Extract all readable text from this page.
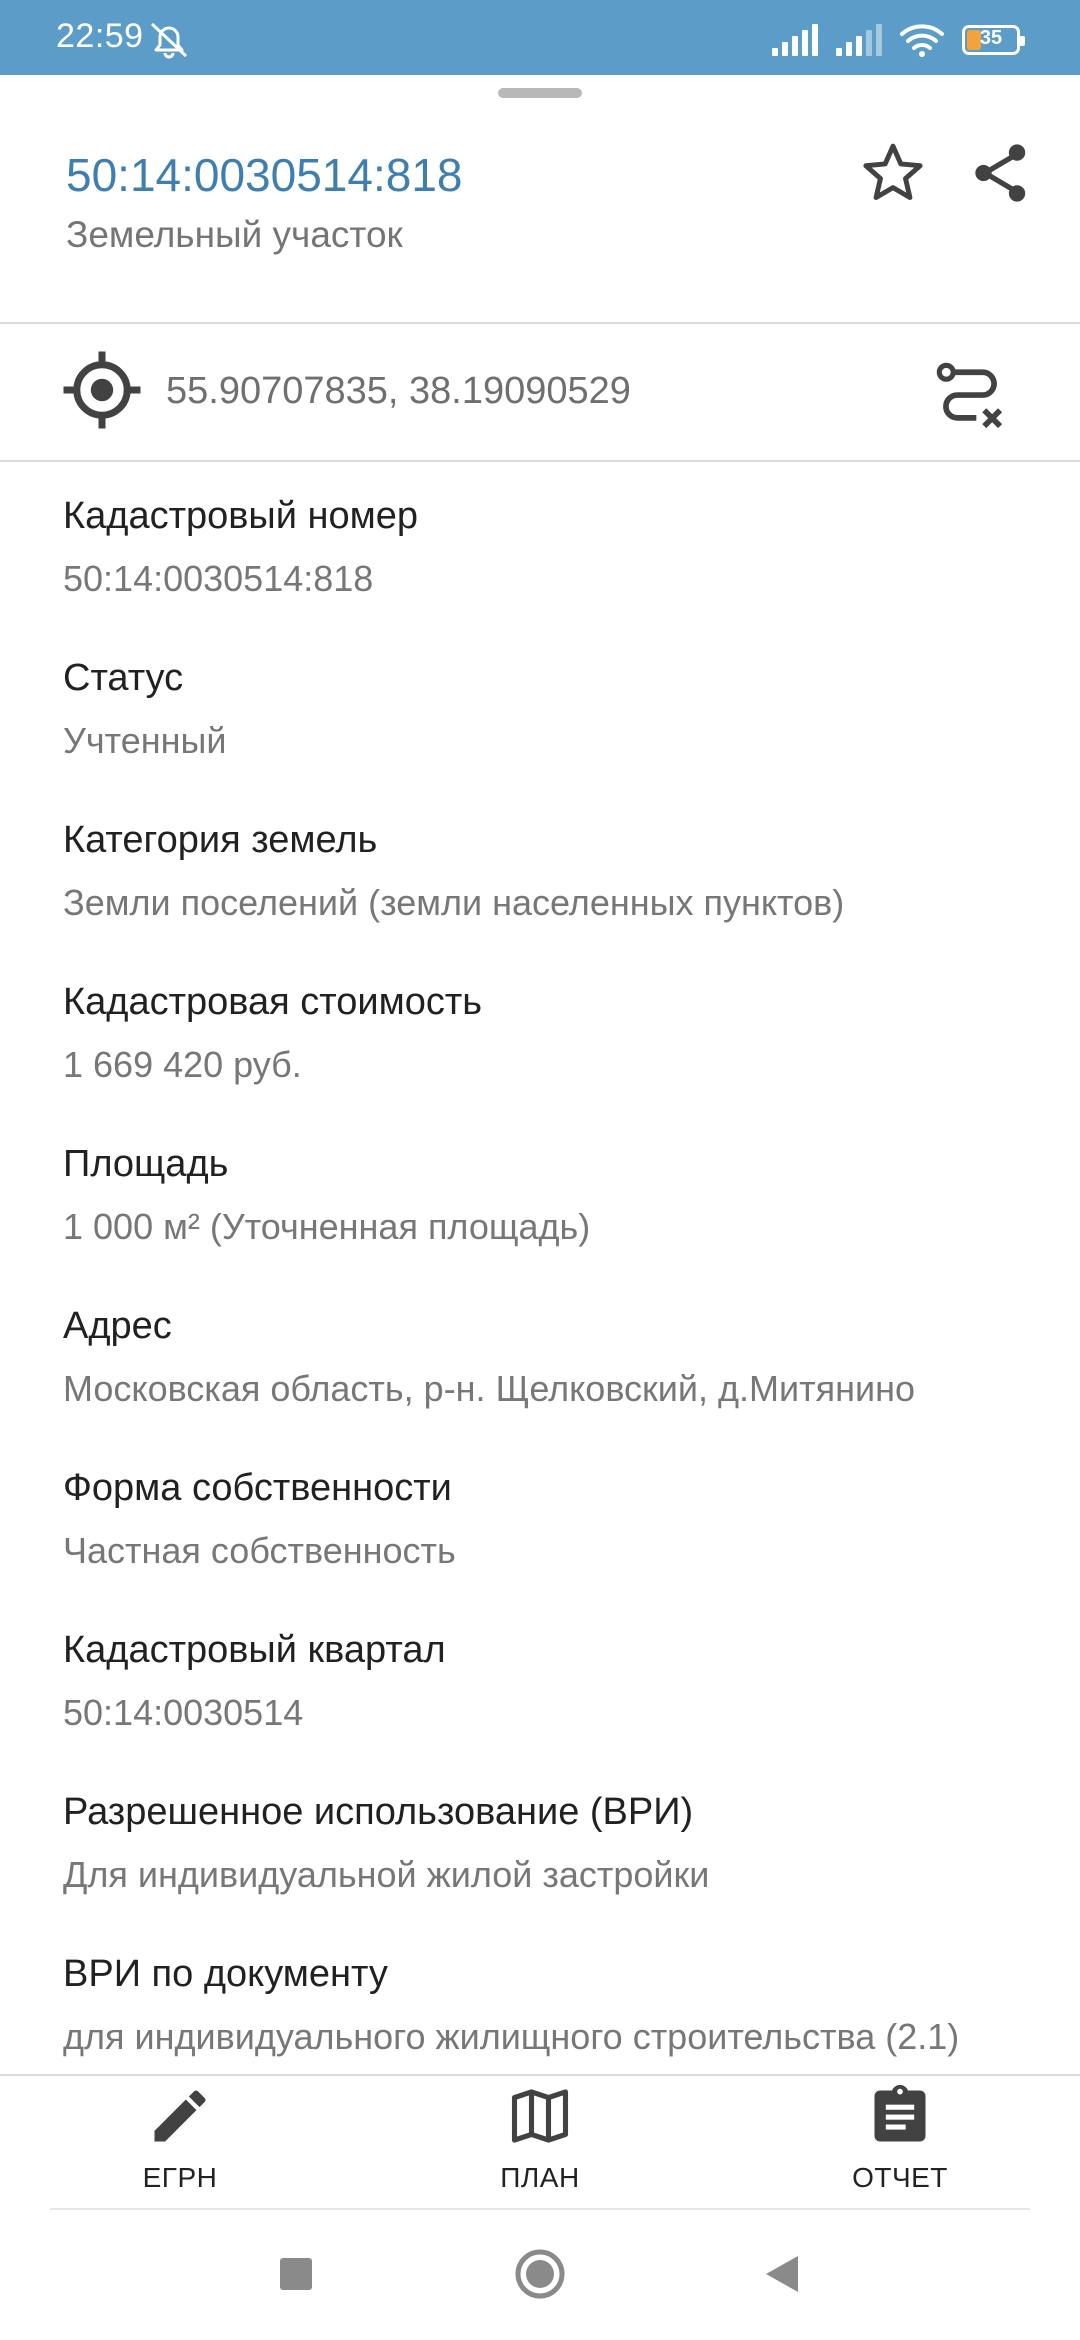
22:59	35
50:14:0030514:818
Земельный участок
55.90707835, 38.19090529
Кадастровый номер
50:14:0030514:818
Статус
Учтенный
Категория земель
Земли поселений (земли населенных пунктов)
Кадастровая стоимость
1 669 420 руб.
Площадь
1 000 м² (Уточненная площадь)
Адрес
Московская область, р-н. Щелковский, д.Митянино
Форма собственности
Частная собственность
Кадастровый квартал
50:14:0030514
Разрешенное использование (ВРИ)
Для индивидуальной жилой застройки
ВРИ по документу
для индивидуального жилищного строительства (2.1)
ЕГРН	ПЛАН	ОТЧЕТ
